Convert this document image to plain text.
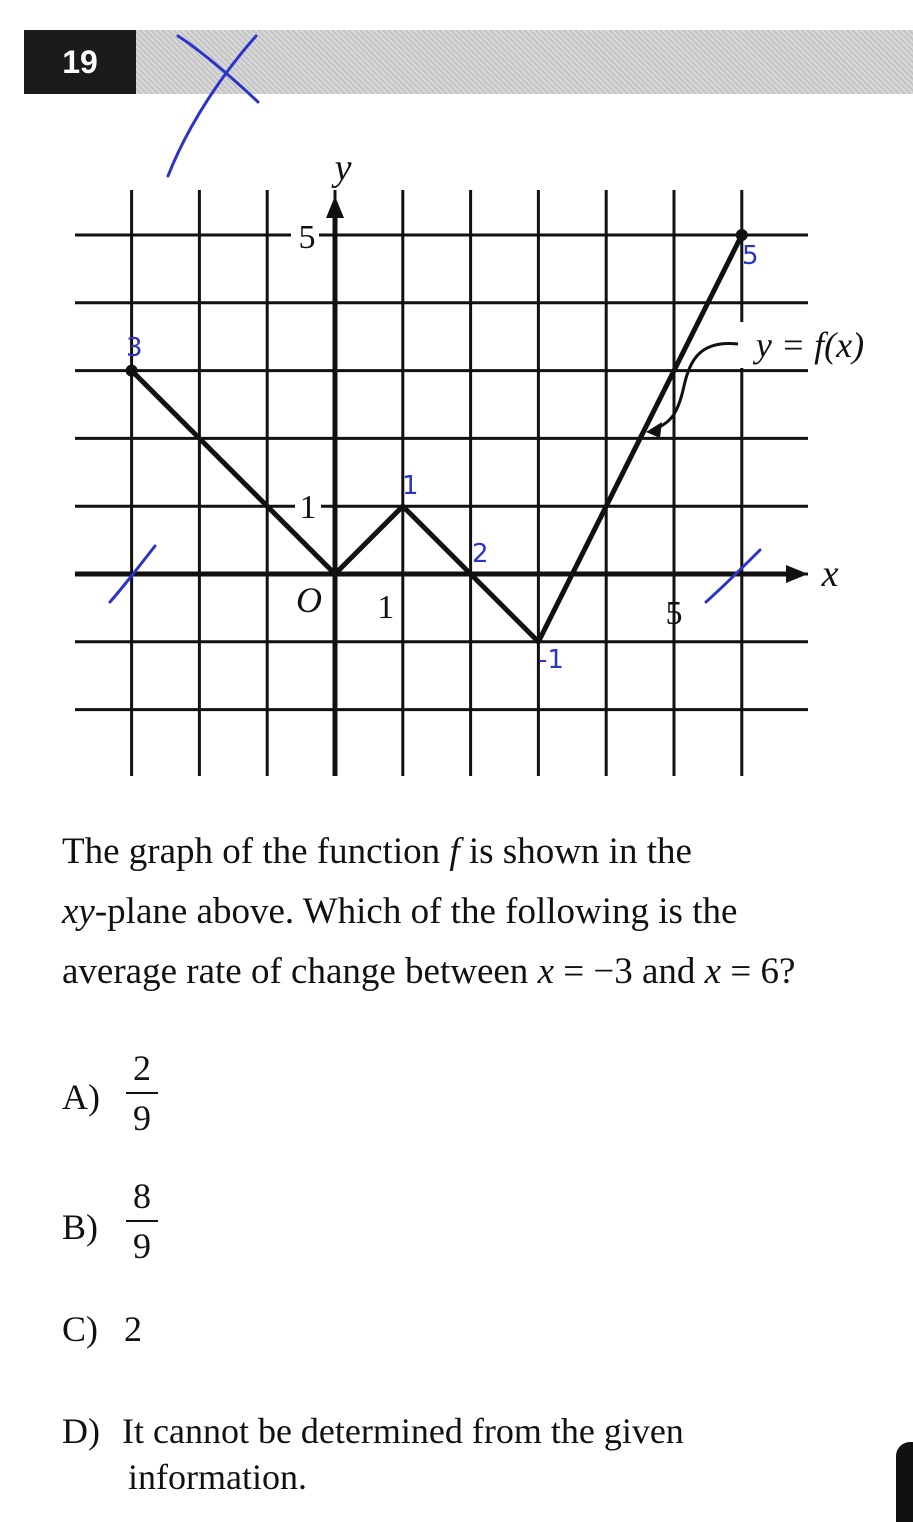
19
5
1
1	5
O
y
x
y = f(x)
3
1
2
-1
5
The graph of the function f is shown in the
xy-plane above. Which of the following is the
average rate of change between x = −3 and x = 6?
A)
2
9
B)
8
9
C) 2
D) It cannot be determined from the given
information.
